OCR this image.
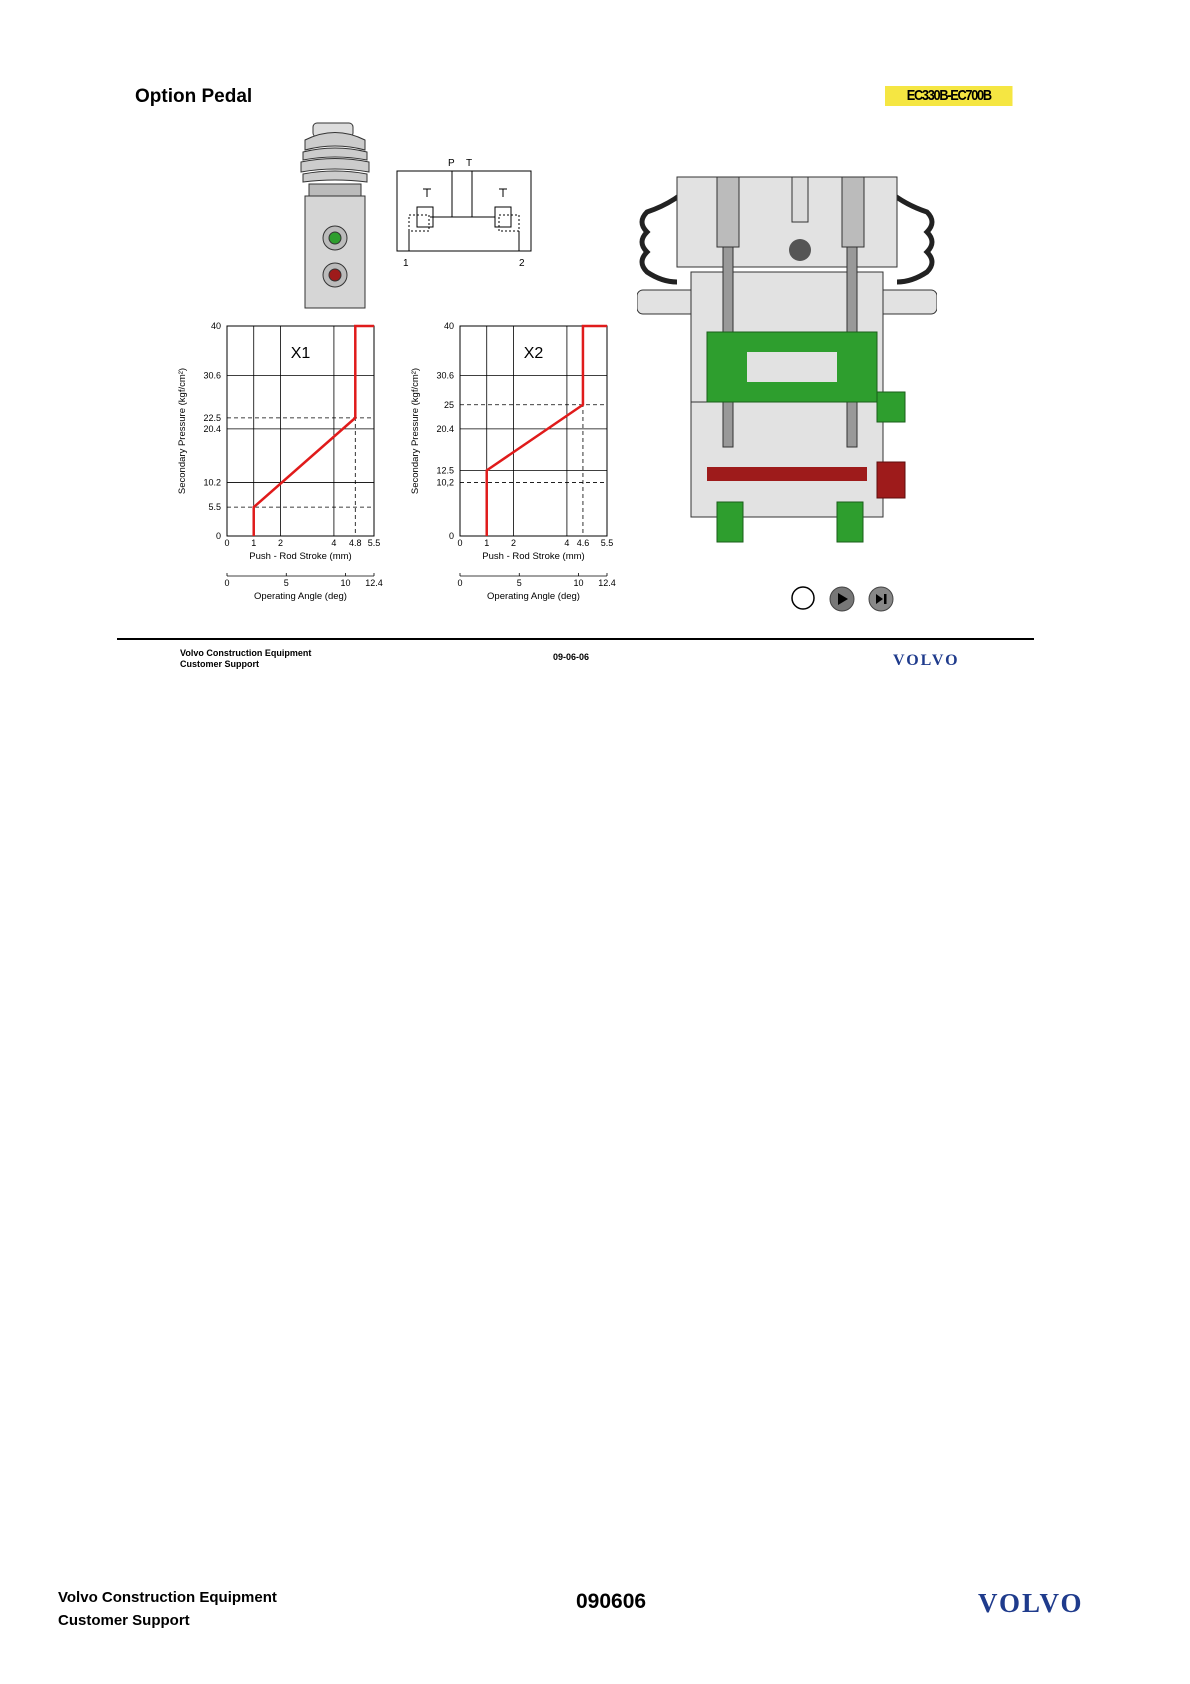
Option Pedal	EC330B-EC700B
P T
1	2
0 1 2	4 4.8 5.5
0
5.5
10.2
20.4
22.5
30.6
40
X1
Push - Rod Stroke (mm)
Secondary Pressure (kgf/cm²)
0	5	10 12.4
Operating Angle (deg)
0 1 2	4 4.6 5.5
0
10,2
12.5
20.4
25
30.6
40
X2
Push - Rod Stroke (mm)
Secondary Pressure (kgf/cm²)
0	5	10 12.4
Operating Angle (deg)
Volvo Construction Equipment
Customer Support
09-06-06	VOLVO
Volvo Construction Equipment
Customer Support
090606	VOLVO
